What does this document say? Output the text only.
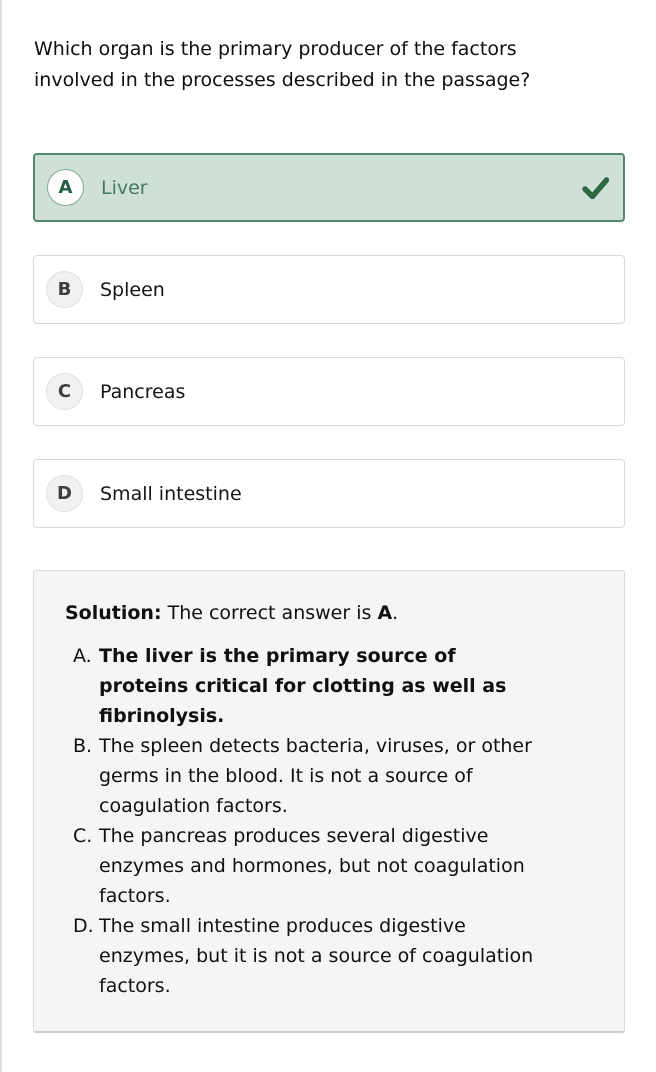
Which organ is the primary producer of the factors involved in the processes described in the passage?
A Liver
B Spleen
C Pancreas
D Small intestine
Solution: The correct answer is A.
A. The liver is the primary source of proteins critical for clotting as well as fibrinolysis.
B. The spleen detects bacteria, viruses, or other germs in the blood. It is not a source of coagulation factors.
C. The pancreas produces several digestive enzymes and hormones, but not coagulation factors.
D. The small intestine produces digestive enzymes, but it is not a source of coagulation factors.
